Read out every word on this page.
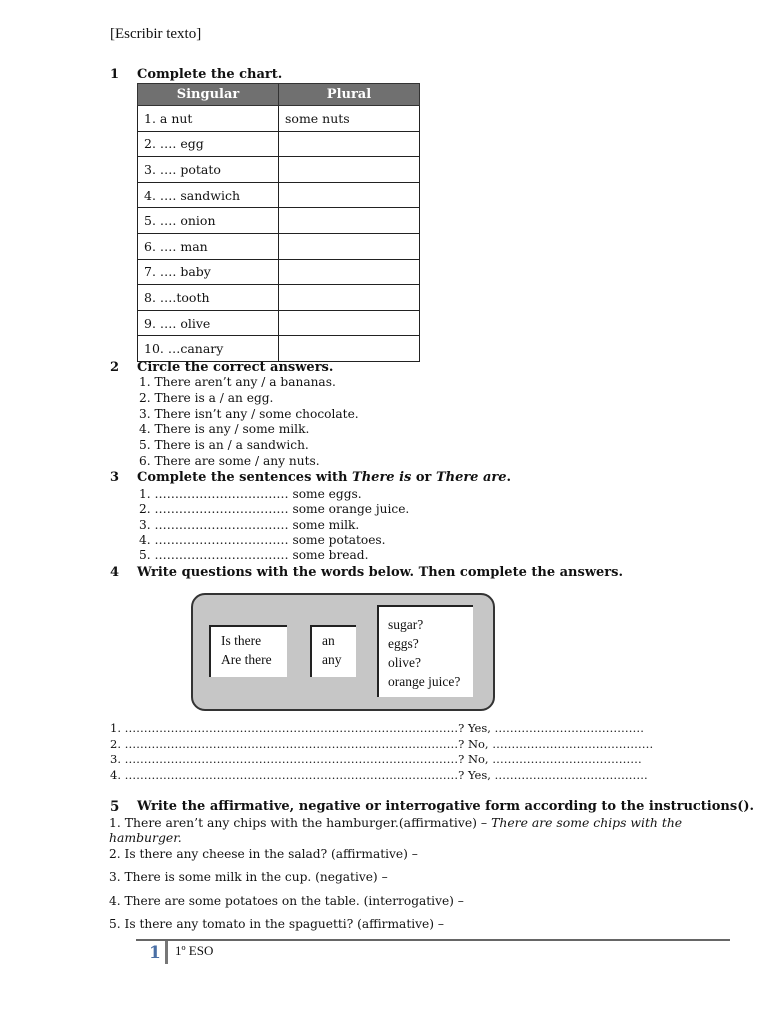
[Escribir texto]
1 Complete the chart.
Singular	Plural
1. a nut	some nuts
2. …. egg	
3. …. potato	
4. …. sandwich	
5. …. onion	
6. …. man	
7. …. baby	
8. ….tooth	
9. …. olive	
10. …canary	
2 Circle the correct answers.
1. There aren’t any / a bananas.
2. There is a / an egg.
3. There isn’t any / some chocolate.
4. There is any / some milk.
5. There is an / a sandwich.
6. There are some / any nuts.
3 Complete the sentences with There is or There are.
1. …………………………… some eggs.
2. …………………………… some orange juice.
3. …………………………… some milk.
4. …………………………… some potatoes.
5. …………………………… some bread.
4 Write questions with the words below. Then complete the answers.
Is there
Are there
an
any
sugar?
eggs?
olive?
orange juice?
1. ……………………………………………………………………………? Yes, …………………………………
2. ……………………………………………………………………………? No, ……………………………………
3. ……………………………………………………………………………? No, …………………………………
4. ……………………………………………………………………………? Yes, ………………………………….
5 Write the affirmative, negative or interrogative form according to the instructions().
1. There aren’t any chips with the hamburger.(affirmative) – There are some chips with the
hamburger.
2. Is there any cheese in the salad? (affirmative) –
3. There is some milk in the cup. (negative) –
4. There are some potatoes on the table. (interrogative) –
5. Is there any tomato in the spaguetti? (affirmative) –
1 1º ESO
